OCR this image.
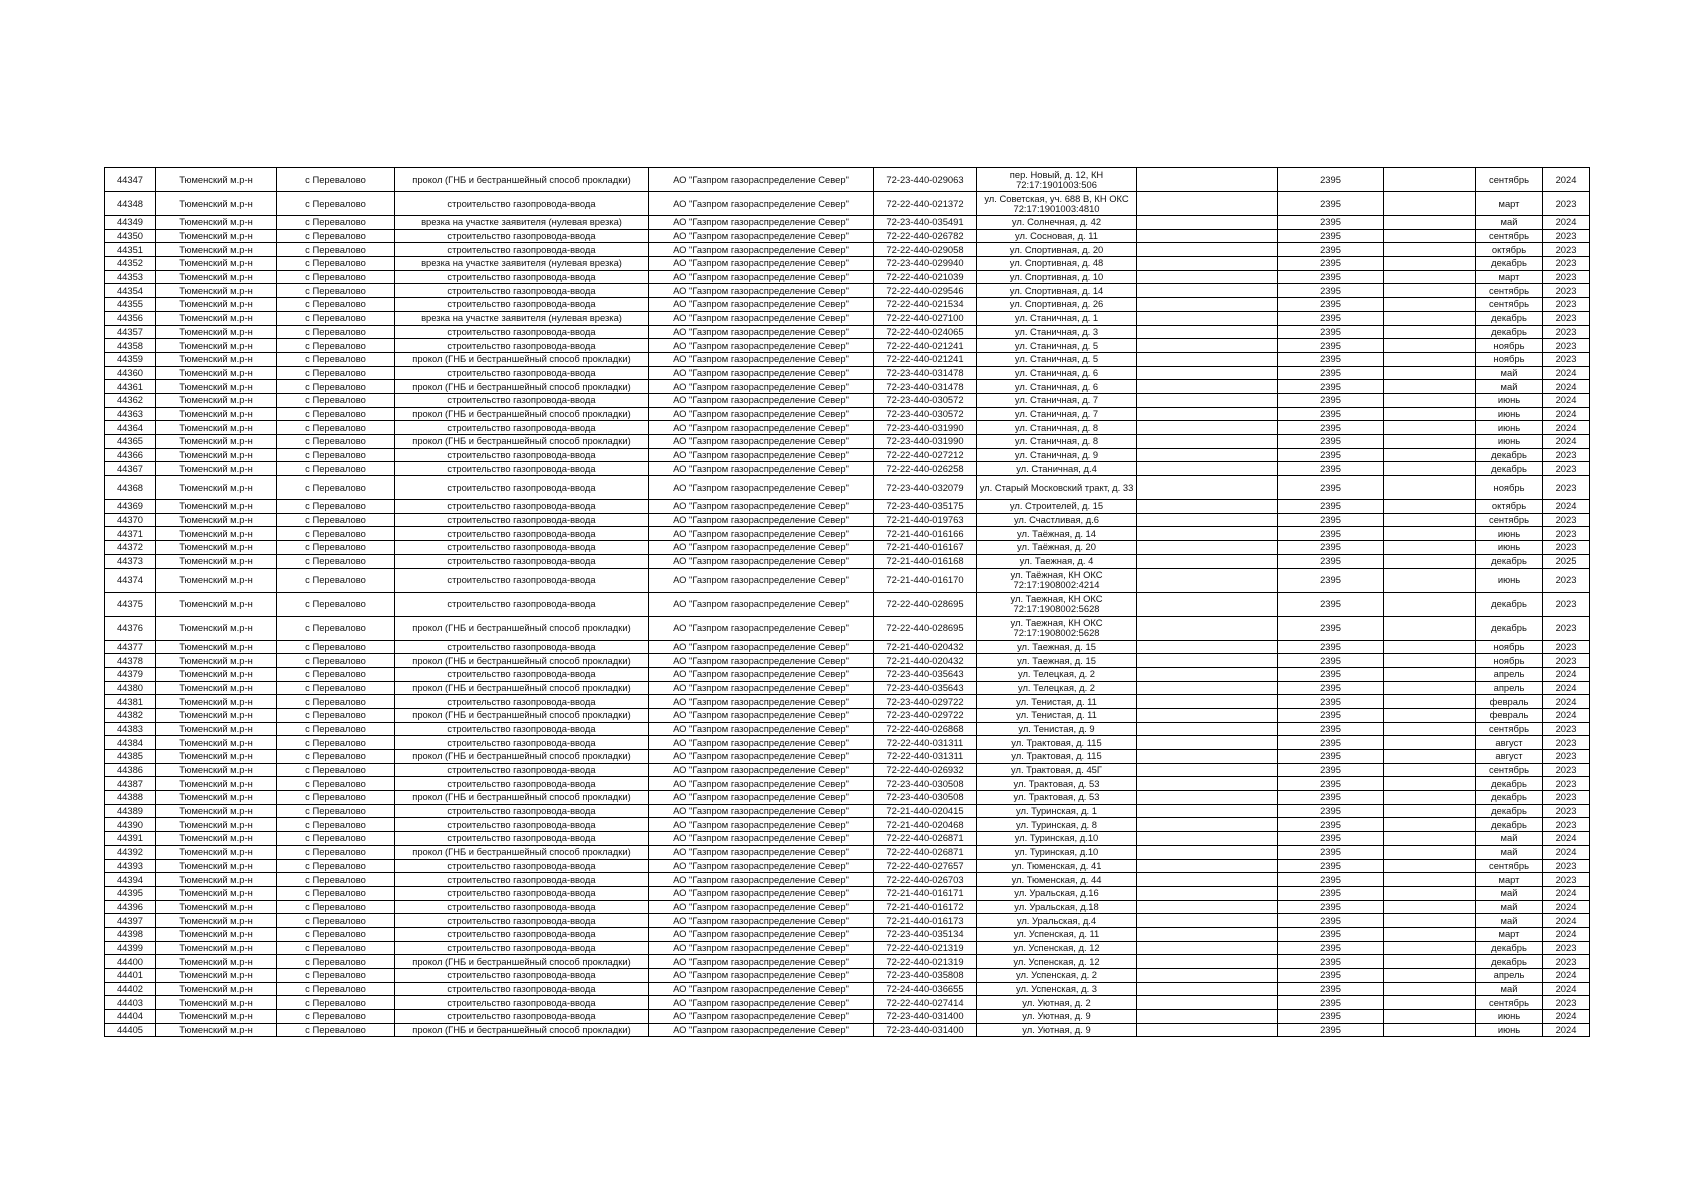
44347	Тюменский м.р-н	с Перевалово	прокол (ГНБ и бестраншейный способ прокладки)	АО "Газпром газораспределение Север"	72-23-440-029063	пер. Новый, д. 12, КН 72:17:1901003:506		2395		сентябрь	2024
44348	Тюменский м.р-н	с Перевалово	строительство газопровода-ввода	АО "Газпром газораспределение Север"	72-22-440-021372	ул. Советская, уч. 688 В, КН ОКС 72:17:1901003:4810		2395		март	2023
44349	Тюменский м.р-н	с Перевалово	врезка на участке заявителя (нулевая врезка)	АО "Газпром газораспределение Север"	72-23-440-035491	ул. Солнечная, д. 42		2395		май	2024
44350	Тюменский м.р-н	с Перевалово	строительство газопровода-ввода	АО "Газпром газораспределение Север"	72-22-440-026782	ул. Сосновая, д. 11		2395		сентябрь	2023
44351	Тюменский м.р-н	с Перевалово	строительство газопровода-ввода	АО "Газпром газораспределение Север"	72-22-440-029058	ул. Спортивная, д. 20		2395		октябрь	2023
44352	Тюменский м.р-н	с Перевалово	врезка на участке заявителя (нулевая врезка)	АО "Газпром газораспределение Север"	72-23-440-029940	ул. Спортивная, д. 48		2395		декабрь	2023
44353	Тюменский м.р-н	с Перевалово	строительство газопровода-ввода	АО "Газпром газораспределение Север"	72-22-440-021039	ул. Спортивная, д. 10		2395		март	2023
44354	Тюменский м.р-н	с Перевалово	строительство газопровода-ввода	АО "Газпром газораспределение Север"	72-22-440-029546	ул. Спортивная, д. 14		2395		сентябрь	2023
44355	Тюменский м.р-н	с Перевалово	строительство газопровода-ввода	АО "Газпром газораспределение Север"	72-22-440-021534	ул. Спортивная, д. 26		2395		сентябрь	2023
44356	Тюменский м.р-н	с Перевалово	врезка на участке заявителя (нулевая врезка)	АО "Газпром газораспределение Север"	72-22-440-027100	ул. Станичная, д. 1		2395		декабрь	2023
44357	Тюменский м.р-н	с Перевалово	строительство газопровода-ввода	АО "Газпром газораспределение Север"	72-22-440-024065	ул. Станичная, д. 3		2395		декабрь	2023
44358	Тюменский м.р-н	с Перевалово	строительство газопровода-ввода	АО "Газпром газораспределение Север"	72-22-440-021241	ул. Станичная, д. 5		2395		ноябрь	2023
44359	Тюменский м.р-н	с Перевалово	прокол (ГНБ и бестраншейный способ прокладки)	АО "Газпром газораспределение Север"	72-22-440-021241	ул. Станичная, д. 5		2395		ноябрь	2023
44360	Тюменский м.р-н	с Перевалово	строительство газопровода-ввода	АО "Газпром газораспределение Север"	72-23-440-031478	ул. Станичная, д. 6		2395		май	2024
44361	Тюменский м.р-н	с Перевалово	прокол (ГНБ и бестраншейный способ прокладки)	АО "Газпром газораспределение Север"	72-23-440-031478	ул. Станичная, д. 6		2395		май	2024
44362	Тюменский м.р-н	с Перевалово	строительство газопровода-ввода	АО "Газпром газораспределение Север"	72-23-440-030572	ул. Станичная, д. 7		2395		июнь	2024
44363	Тюменский м.р-н	с Перевалово	прокол (ГНБ и бестраншейный способ прокладки)	АО "Газпром газораспределение Север"	72-23-440-030572	ул. Станичная, д. 7		2395		июнь	2024
44364	Тюменский м.р-н	с Перевалово	строительство газопровода-ввода	АО "Газпром газораспределение Север"	72-23-440-031990	ул. Станичная, д. 8		2395		июнь	2024
44365	Тюменский м.р-н	с Перевалово	прокол (ГНБ и бестраншейный способ прокладки)	АО "Газпром газораспределение Север"	72-23-440-031990	ул. Станичная, д. 8		2395		июнь	2024
44366	Тюменский м.р-н	с Перевалово	строительство газопровода-ввода	АО "Газпром газораспределение Север"	72-22-440-027212	ул. Станичная, д. 9		2395		декабрь	2023
44367	Тюменский м.р-н	с Перевалово	строительство газопровода-ввода	АО "Газпром газораспределение Север"	72-22-440-026258	ул. Станичная, д.4		2395		декабрь	2023
44368	Тюменский м.р-н	с Перевалово	строительство газопровода-ввода	АО "Газпром газораспределение Север"	72-23-440-032079	ул. Старый Московский тракт, д. 33		2395		ноябрь	2023
44369	Тюменский м.р-н	с Перевалово	строительство газопровода-ввода	АО "Газпром газораспределение Север"	72-23-440-035175	ул. Строителей, д. 15		2395		октябрь	2024
44370	Тюменский м.р-н	с Перевалово	строительство газопровода-ввода	АО "Газпром газораспределение Север"	72-21-440-019763	ул. Счастливая, д.6		2395		сентябрь	2023
44371	Тюменский м.р-н	с Перевалово	строительство газопровода-ввода	АО "Газпром газораспределение Север"	72-21-440-016166	ул. Таёжная, д. 14		2395		июнь	2023
44372	Тюменский м.р-н	с Перевалово	строительство газопровода-ввода	АО "Газпром газораспределение Север"	72-21-440-016167	ул. Таёжная, д. 20		2395		июнь	2023
44373	Тюменский м.р-н	с Перевалово	строительство газопровода-ввода	АО "Газпром газораспределение Север"	72-21-440-016168	ул. Таежная, д. 4		2395		декабрь	2025
44374	Тюменский м.р-н	с Перевалово	строительство газопровода-ввода	АО "Газпром газораспределение Север"	72-21-440-016170	ул. Таёжная, КН ОКС 72:17:1908002:4214		2395		июнь	2023
44375	Тюменский м.р-н	с Перевалово	строительство газопровода-ввода	АО "Газпром газораспределение Север"	72-22-440-028695	ул. Таежная, КН ОКС 72:17:1908002:5628		2395		декабрь	2023
44376	Тюменский м.р-н	с Перевалово	прокол (ГНБ и бестраншейный способ прокладки)	АО "Газпром газораспределение Север"	72-22-440-028695	ул. Таежная, КН ОКС 72:17:1908002:5628		2395		декабрь	2023
44377	Тюменский м.р-н	с Перевалово	строительство газопровода-ввода	АО "Газпром газораспределение Север"	72-21-440-020432	ул. Таежная, д. 15		2395		ноябрь	2023
44378	Тюменский м.р-н	с Перевалово	прокол (ГНБ и бестраншейный способ прокладки)	АО "Газпром газораспределение Север"	72-21-440-020432	ул. Таежная, д. 15		2395		ноябрь	2023
44379	Тюменский м.р-н	с Перевалово	строительство газопровода-ввода	АО "Газпром газораспределение Север"	72-23-440-035643	ул. Телецкая, д. 2		2395		апрель	2024
44380	Тюменский м.р-н	с Перевалово	прокол (ГНБ и бестраншейный способ прокладки)	АО "Газпром газораспределение Север"	72-23-440-035643	ул. Телецкая, д. 2		2395		апрель	2024
44381	Тюменский м.р-н	с Перевалово	строительство газопровода-ввода	АО "Газпром газораспределение Север"	72-23-440-029722	ул. Тенистая, д. 11		2395		февраль	2024
44382	Тюменский м.р-н	с Перевалово	прокол (ГНБ и бестраншейный способ прокладки)	АО "Газпром газораспределение Север"	72-23-440-029722	ул. Тенистая, д. 11		2395		февраль	2024
44383	Тюменский м.р-н	с Перевалово	строительство газопровода-ввода	АО "Газпром газораспределение Север"	72-22-440-026868	ул. Тенистая, д. 9		2395		сентябрь	2023
44384	Тюменский м.р-н	с Перевалово	строительство газопровода-ввода	АО "Газпром газораспределение Север"	72-22-440-031311	ул. Трактовая, д. 115		2395		август	2023
44385	Тюменский м.р-н	с Перевалово	прокол (ГНБ и бестраншейный способ прокладки)	АО "Газпром газораспределение Север"	72-22-440-031311	ул. Трактовая, д. 115		2395		август	2023
44386	Тюменский м.р-н	с Перевалово	строительство газопровода-ввода	АО "Газпром газораспределение Север"	72-22-440-026932	ул. Трактовая, д. 45Г		2395		сентябрь	2023
44387	Тюменский м.р-н	с Перевалово	строительство газопровода-ввода	АО "Газпром газораспределение Север"	72-23-440-030508	ул. Трактовая, д. 53		2395		декабрь	2023
44388	Тюменский м.р-н	с Перевалово	прокол (ГНБ и бестраншейный способ прокладки)	АО "Газпром газораспределение Север"	72-23-440-030508	ул. Трактовая, д. 53		2395		декабрь	2023
44389	Тюменский м.р-н	с Перевалово	строительство газопровода-ввода	АО "Газпром газораспределение Север"	72-21-440-020415	ул. Туринская, д. 1		2395		декабрь	2023
44390	Тюменский м.р-н	с Перевалово	строительство газопровода-ввода	АО "Газпром газораспределение Север"	72-21-440-020468	ул. Туринская, д. 8		2395		декабрь	2023
44391	Тюменский м.р-н	с Перевалово	строительство газопровода-ввода	АО "Газпром газораспределение Север"	72-22-440-026871	ул. Туринская, д.10		2395		май	2024
44392	Тюменский м.р-н	с Перевалово	прокол (ГНБ и бестраншейный способ прокладки)	АО "Газпром газораспределение Север"	72-22-440-026871	ул. Туринская, д.10		2395		май	2024
44393	Тюменский м.р-н	с Перевалово	строительство газопровода-ввода	АО "Газпром газораспределение Север"	72-22-440-027657	ул. Тюменская, д. 41		2395		сентябрь	2023
44394	Тюменский м.р-н	с Перевалово	строительство газопровода-ввода	АО "Газпром газораспределение Север"	72-22-440-026703	ул. Тюменская, д. 44		2395		март	2023
44395	Тюменский м.р-н	с Перевалово	строительство газопровода-ввода	АО "Газпром газораспределение Север"	72-21-440-016171	ул. Уральская, д.16		2395		май	2024
44396	Тюменский м.р-н	с Перевалово	строительство газопровода-ввода	АО "Газпром газораспределение Север"	72-21-440-016172	ул. Уральская, д.18		2395		май	2024
44397	Тюменский м.р-н	с Перевалово	строительство газопровода-ввода	АО "Газпром газораспределение Север"	72-21-440-016173	ул. Уральская, д.4		2395		май	2024
44398	Тюменский м.р-н	с Перевалово	строительство газопровода-ввода	АО "Газпром газораспределение Север"	72-23-440-035134	ул. Успенская, д. 11		2395		март	2024
44399	Тюменский м.р-н	с Перевалово	строительство газопровода-ввода	АО "Газпром газораспределение Север"	72-22-440-021319	ул. Успенская, д. 12		2395		декабрь	2023
44400	Тюменский м.р-н	с Перевалово	прокол (ГНБ и бестраншейный способ прокладки)	АО "Газпром газораспределение Север"	72-22-440-021319	ул. Успенская, д. 12		2395		декабрь	2023
44401	Тюменский м.р-н	с Перевалово	строительство газопровода-ввода	АО "Газпром газораспределение Север"	72-23-440-035808	ул. Успенская, д. 2		2395		апрель	2024
44402	Тюменский м.р-н	с Перевалово	строительство газопровода-ввода	АО "Газпром газораспределение Север"	72-24-440-036655	ул. Успенская, д. 3		2395		май	2024
44403	Тюменский м.р-н	с Перевалово	строительство газопровода-ввода	АО "Газпром газораспределение Север"	72-22-440-027414	ул. Уютная, д. 2		2395		сентябрь	2023
44404	Тюменский м.р-н	с Перевалово	строительство газопровода-ввода	АО "Газпром газораспределение Север"	72-23-440-031400	ул. Уютная, д. 9		2395		июнь	2024
44405	Тюменский м.р-н	с Перевалово	прокол (ГНБ и бестраншейный способ прокладки)	АО "Газпром газораспределение Север"	72-23-440-031400	ул. Уютная, д. 9		2395		июнь	2024
